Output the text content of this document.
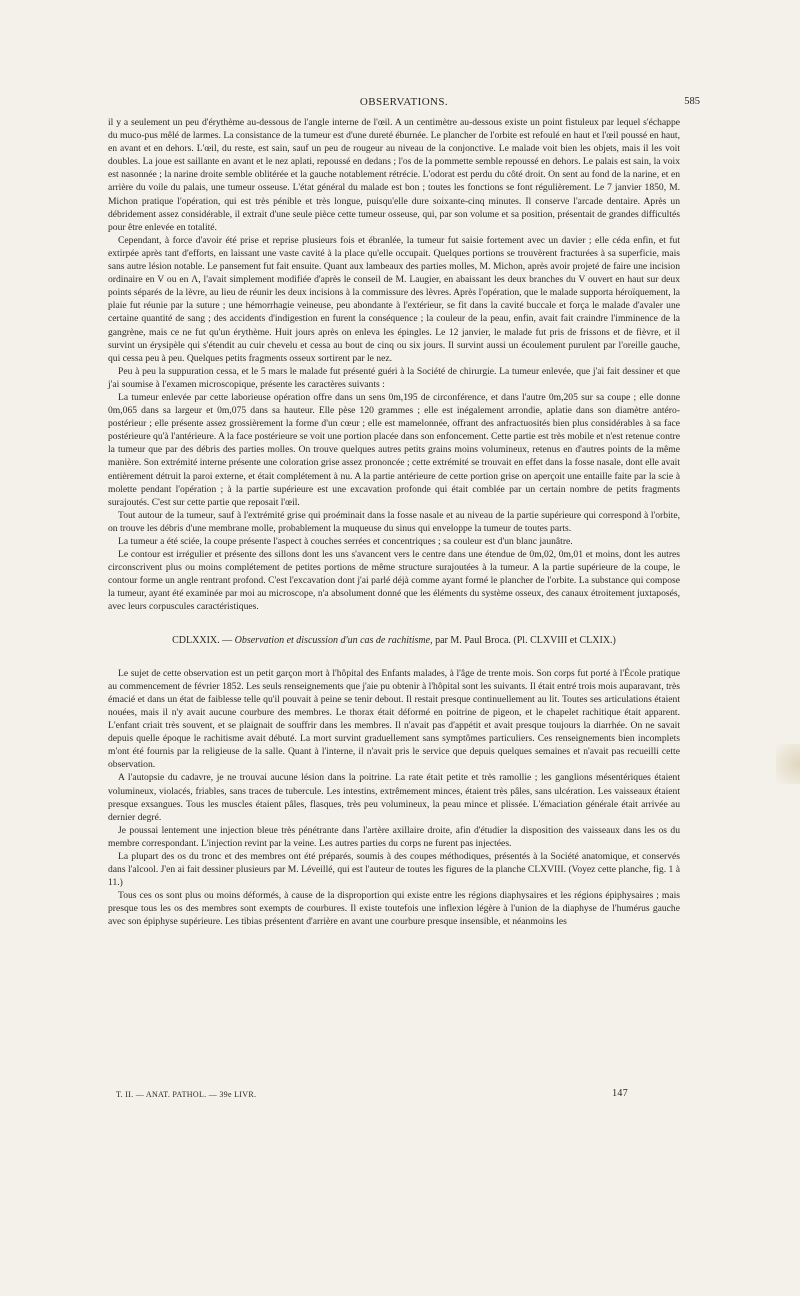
OBSERVATIONS.	585

il y a seulement un peu d'érythème au-dessous de l'angle interne de l'œil. A un centimètre au-dessous existe un point fistuleux par lequel s'échappe du muco-pus mêlé de larmes. La consistance de la tumeur est d'une dureté éburnée. Le plancher de l'orbite est refoulé en haut et l'œil poussé en haut, en avant et en dehors. L'œil, du reste, est sain, sauf un peu de rougeur au niveau de la conjonctive. Le malade voit bien les objets, mais il les voit doubles. La joue est saillante en avant et le nez aplati, repoussé en dedans ; l'os de la pommette semble repoussé en dehors. Le palais est sain, la voix est nasonnée ; la narine droite semble oblitérée et la gauche notablement rétrécie. L'odorat est perdu du côté droit. On sent au fond de la narine, et en arrière du voile du palais, une tumeur osseuse. L'état général du malade est bon ; toutes les fonctions se font régulièrement. Le 7 janvier 1850, M. Michon pratique l'opération, qui est très pénible et très longue, puisqu'elle dure soixante-cinq minutes. Il conserve l'arcade dentaire. Après un débridement assez considérable, il extrait d'une seule pièce cette tumeur osseuse, qui, par son volume et sa position, présentait de grandes difficultés pour être enlevée en totalité.

Cependant, à force d'avoir été prise et reprise plusieurs fois et ébranlée, la tumeur fut saisie fortement avec un davier ; elle céda enfin, et fut extirpée après tant d'efforts, en laissant une vaste cavité à la place qu'elle occupait. Quelques portions se trouvèrent fracturées à sa superficie, mais sans autre lésion notable. Le pansement fut fait ensuite. Quant aux lambeaux des parties molles, M. Michon, après avoir projeté de faire une incision ordinaire en V ou en Λ, l'avait simplement modifiée d'après le conseil de M. Laugier, en abaissant les deux branches du V ouvert en haut sur deux points séparés de la lèvre, au lieu de réunir les deux incisions à la commissure des lèvres. Après l'opération, que le malade supporta héroïquement, la plaie fut réunie par la suture ; une hémorrhagie veineuse, peu abondante à l'extérieur, se fit dans la cavité buccale et força le malade d'avaler une certaine quantité de sang ; des accidents d'indigestion en furent la conséquence ; la couleur de la peau, enfin, avait fait craindre l'imminence de la gangrène, mais ce ne fut qu'un érythème. Huit jours après on enleva les épingles. Le 12 janvier, le malade fut pris de frissons et de fièvre, et il survint un érysipèle qui s'étendit au cuir chevelu et cessa au bout de cinq ou six jours. Il survint aussi un écoulement purulent par l'oreille gauche, qui cessa peu à peu. Quelques petits fragments osseux sortirent par le nez.

Peu à peu la suppuration cessa, et le 5 mars le malade fut présenté guéri à la Société de chirurgie. La tumeur enlevée, que j'ai fait dessiner et que j'ai soumise à l'examen microscopique, présente les caractères suivants :

La tumeur enlevée par cette laborieuse opération offre dans un sens 0m,195 de circonférence, et dans l'autre 0m,205 sur sa coupe ; elle donne 0m,065 dans sa largeur et 0m,075 dans sa hauteur. Elle pèse 120 grammes ; elle est inégalement arrondie, aplatie dans son diamètre antéro-postérieur ; elle présente assez grossièrement la forme d'un cœur ; elle est mamelonnée, offrant des anfractuosités bien plus considérables à sa face postérieure qu'à l'antérieure. A la face postérieure se voit une portion placée dans son enfoncement. Cette partie est très mobile et n'est retenue contre la tumeur que par des débris des parties molles. On trouve quelques autres petits grains moins volumineux, retenus en d'autres points de la même manière. Son extrémité interne présente une coloration grise assez prononcée ; cette extrémité se trouvait en effet dans la fosse nasale, dont elle avait entièrement détruit la paroi externe, et était complétement à nu. A la partie antérieure de cette portion grise on aperçoit une entaille faite par la scie à molette pendant l'opération ; à la partie supérieure est une excavation profonde qui était comblée par un certain nombre de petits fragments surajoutés. C'est sur cette partie que reposait l'œil.

Tout autour de la tumeur, sauf à l'extrémité grise qui proéminait dans la fosse nasale et au niveau de la partie supérieure qui correspond à l'orbite, on trouve les débris d'une membrane molle, probablement la muqueuse du sinus qui enveloppe la tumeur de toutes parts.

La tumeur a été sciée, la coupe présente l'aspect à couches serrées et concentriques ; sa couleur est d'un blanc jaunâtre.

Le contour est irrégulier et présente des sillons dont les uns s'avancent vers le centre dans une étendue de 0m,02, 0m,01 et moins, dont les autres circonscrivent plus ou moins complétement de petites portions de même structure surajoutées à la tumeur. A la partie supérieure de la coupe, le contour forme un angle rentrant profond. C'est l'excavation dont j'ai parlé déjà comme ayant formé le plancher de l'orbite. La substance qui compose la tumeur, ayant été examinée par moi au microscope, n'a absolument donné que les éléments du système osseux, des canaux étroitement juxtaposés, avec leurs corpuscules caractéristiques.

CDLXXIX. — Observation et discussion d'un cas de rachitisme, par M. Paul Broca. (Pl. CLXVIII et CLXIX.)

Le sujet de cette observation est un petit garçon mort à l'hôpital des Enfants malades, à l'âge de trente mois. Son corps fut porté à l'École pratique au commencement de février 1852. Les seuls renseignements que j'aie pu obtenir à l'hôpital sont les suivants. Il était entré trois mois auparavant, très émacié et dans un état de faiblesse telle qu'il pouvait à peine se tenir debout. Il restait presque continuellement au lit. Toutes ses articulations étaient nouées, mais il n'y avait aucune courbure des membres. Le thorax était déformé en poitrine de pigeon, et le chapelet rachitique était apparent. L'enfant criait très souvent, et se plaignait de souffrir dans les membres. Il n'avait pas d'appétit et avait presque toujours la diarrhée. On ne savait depuis quelle époque le rachitisme avait débuté. La mort survint graduellement sans symptômes particuliers. Ces renseignements bien incomplets m'ont été fournis par la religieuse de la salle. Quant à l'interne, il n'avait pris le service que depuis quelques semaines et n'avait pas recueilli cette observation.

A l'autopsie du cadavre, je ne trouvai aucune lésion dans la poitrine. La rate était petite et très ramollie ; les ganglions mésentériques étaient volumineux, violacés, friables, sans traces de tubercule. Les intestins, extrêmement minces, étaient très pâles, sans ulcération. Les vaisseaux étaient presque exsangues. Tous les muscles étaient pâles, flasques, très peu volumineux, la peau mince et plissée. L'émaciation générale était arrivée au dernier degré.

Je poussai lentement une injection bleue très pénétrante dans l'artère axillaire droite, afin d'étudier la disposition des vaisseaux dans les os du membre correspondant. L'injection revint par la veine. Les autres parties du corps ne furent pas injectées.

La plupart des os du tronc et des membres ont été préparés, soumis à des coupes méthodiques, présentés à la Société anatomique, et conservés dans l'alcool. J'en ai fait dessiner plusieurs par M. Léveillé, qui est l'auteur de toutes les figures de la planche CLXVIII. (Voyez cette planche, fig. 1 à 11.)

Tous ces os sont plus ou moins déformés, à cause de la disproportion qui existe entre les régions diaphysaires et les régions épiphysaires ; mais presque tous les os des membres sont exempts de courbures. Il existe toutefois une inflexion légère à l'union de la diaphyse de l'humérus gauche avec son épiphyse supérieure. Les tibias présentent d'arrière en avant une courbure presque insensible, et néanmoins les

T. II. — ANAT. PATHOL. — 39e LIVR.	147
